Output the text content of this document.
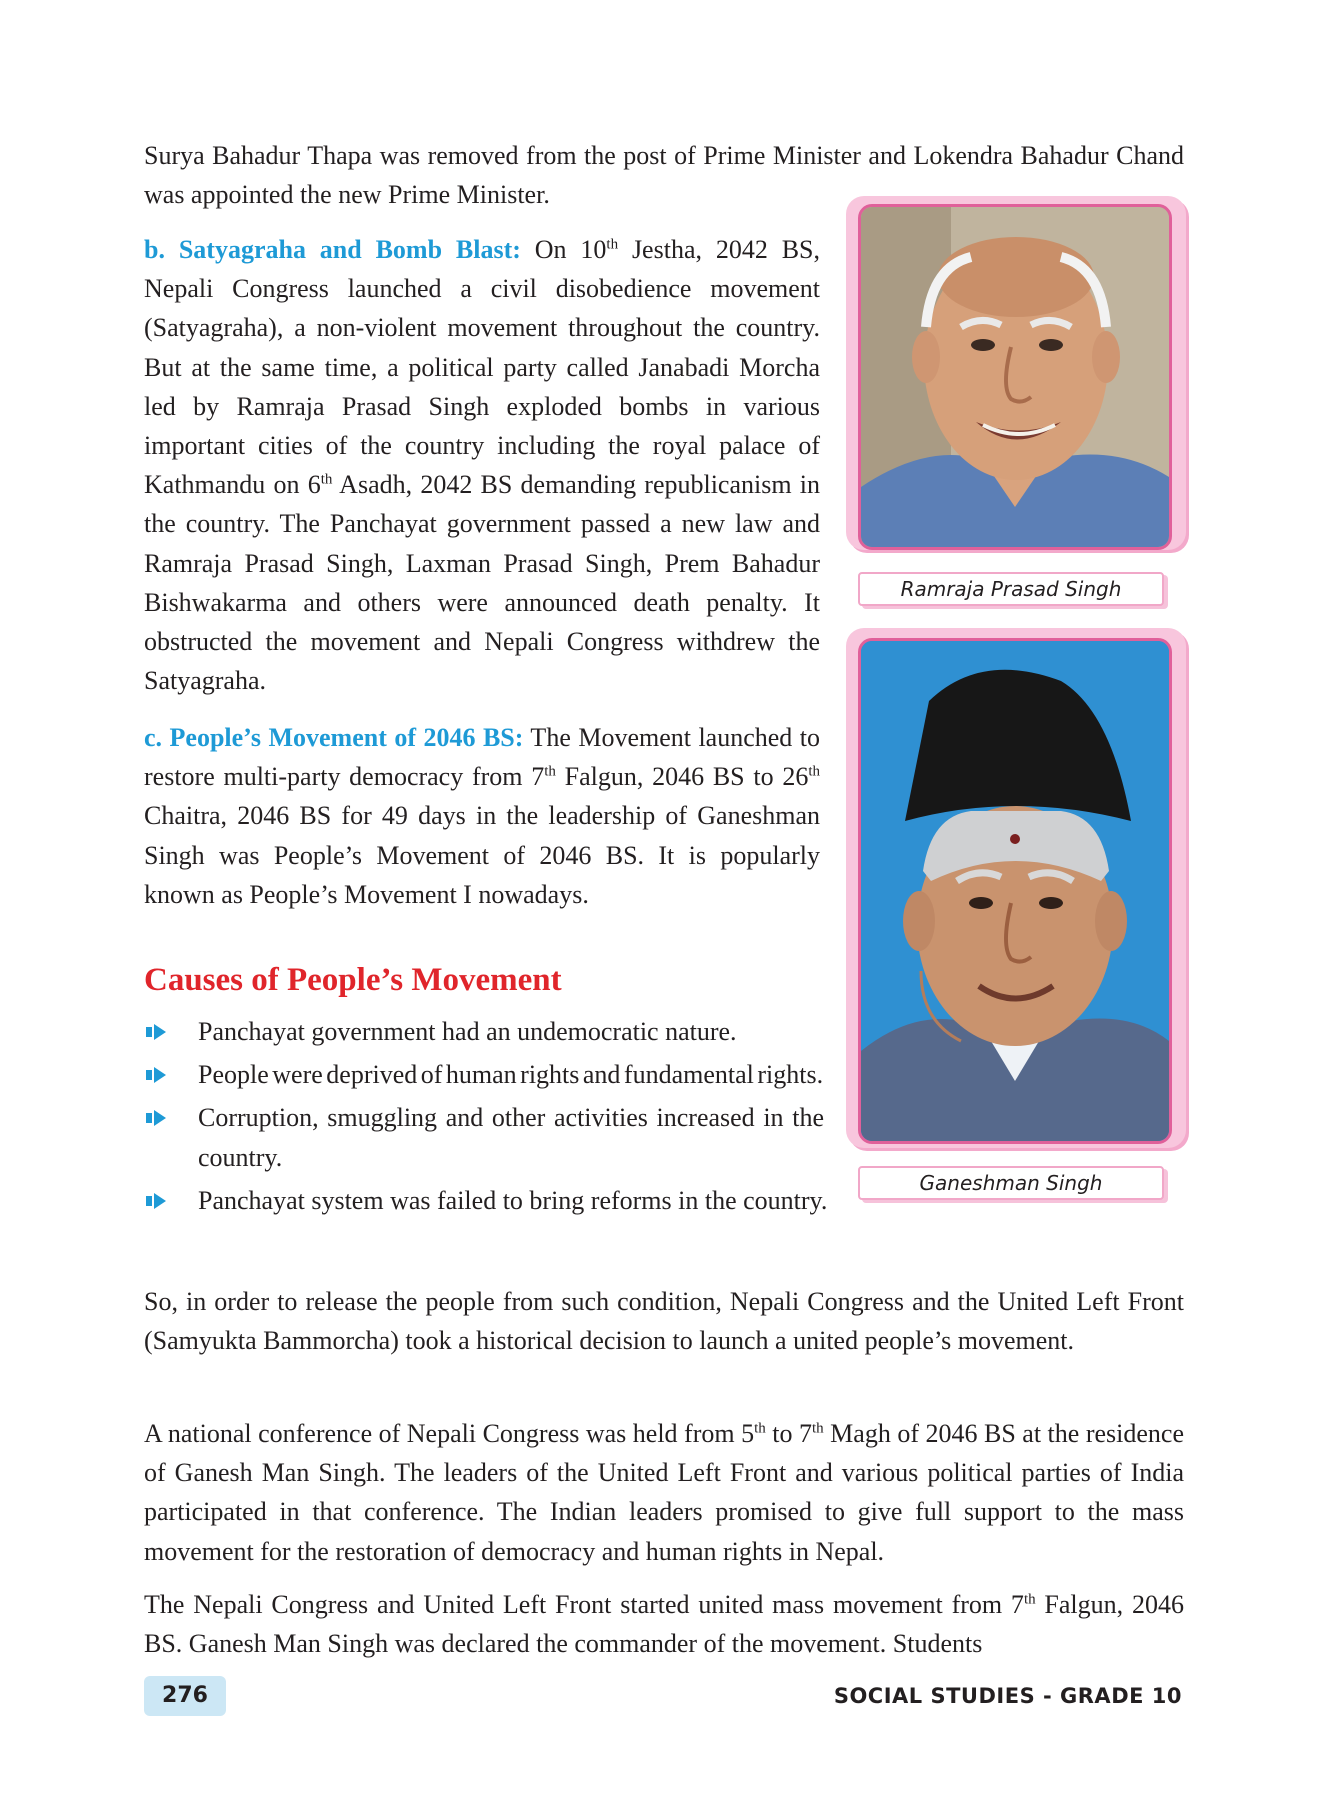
Surya Bahadur Thapa was removed from the post of Prime Minister and Lokendra Bahadur Chand was appointed the new Prime Minister.

b. Satyagraha and Bomb Blast: On 10th Jestha, 2042 BS, Nepali Congress launched a civil disobedience movement (Satyagraha), a non-violent movement throughout the country. But at the same time, a political party called Janabadi Morcha led by Ramraja Prasad Singh exploded bombs in various important cities of the country including the royal palace of Kathmandu on 6th Asadh, 2042 BS demanding republicanism in the country. The Panchayat government passed a new law and Ramraja Prasad Singh, Laxman Prasad Singh, Prem Bahadur Bishwakarma and others were announced death penalty. It obstructed the movement and Nepali Congress withdrew the Satyagraha.

c. People’s Movement of 2046 BS: The Movement launched to restore multi-party democracy from 7th Falgun, 2046 BS to 26th Chaitra, 2046 BS for 49 days in the leadership of Ganeshman Singh was People’s Movement of 2046 BS. It is popularly known as People’s Movement I nowadays.

Causes of People’s Movement
Panchayat government had an undemocratic nature.
People were deprived of human rights and fundamental rights.
Corruption, smuggling and other activities increased in the country.
Panchayat system was failed to bring reforms in the country.
Ramraja Prasad Singh
Ganeshman Singh

So, in order to release the people from such condition, Nepali Congress and the United Left Front (Samyukta Bammorcha) took a historical decision to launch a united people’s movement.

A national conference of Nepali Congress was held from 5th to 7th Magh of 2046 BS at the residence of Ganesh Man Singh. The leaders of the United Left Front and various political parties of India participated in that conference. The Indian leaders promised to give full support to the mass movement for the restoration of democracy and human rights in Nepal.

The Nepali Congress and United Left Front started united mass movement from 7th Falgun, 2046 BS. Ganesh Man Singh was declared the commander of the movement. Students

276	SOCIAL STUDIES - GRADE 10
